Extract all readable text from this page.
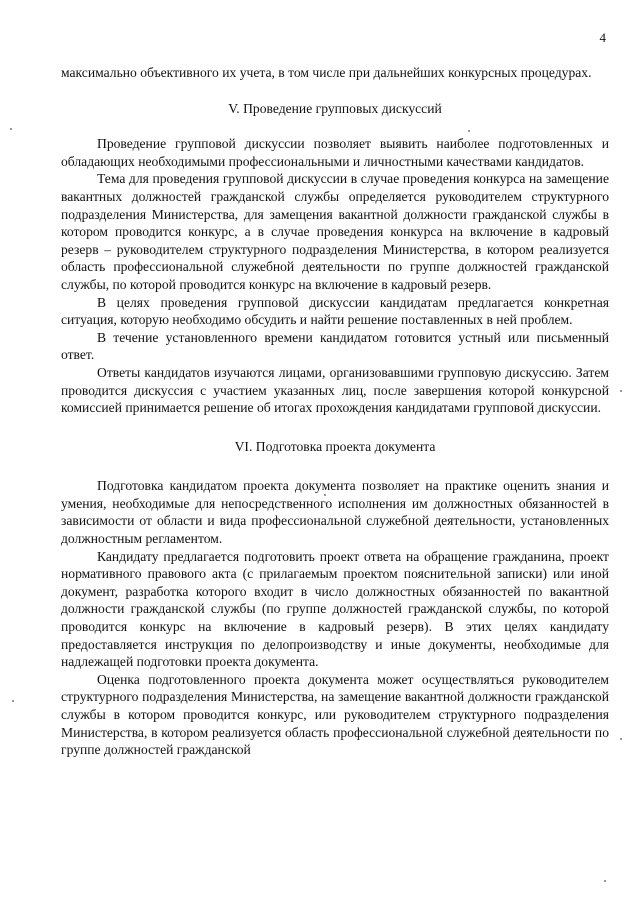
4

максимально объективного их учета, в том числе при дальнейших конкурсных процедурах.

V. Проведение групповых дискуссий

Проведение групповой дискуссии позволяет выявить наиболее подготовленных и обладающих необходимыми профессиональными и личностными качествами кандидатов.

Тема для проведения групповой дискуссии в случае проведения конкурса на замещение вакантных должностей гражданской службы определяется руководителем структурного подразделения Министерства, для замещения вакантной должности гражданской службы в котором проводится конкурс, а в случае проведения конкурса на включение в кадровый резерв – руководителем структурного подразделения Министерства, в котором реализуется область профессиональной служебной деятельности по группе должностей гражданской службы, по которой проводится конкурс на включение в кадровый резерв.

В целях проведения групповой дискуссии кандидатам предлагается конкретная ситуация, которую необходимо обсудить и найти решение поставленных в ней проблем.

В течение установленного времени кандидатом готовится устный или письменный ответ.

Ответы кандидатов изучаются лицами, организовавшими групповую дискуссию. Затем проводится дискуссия с участием указанных лиц, после завершения которой конкурсной комиссией принимается решение об итогах прохождения кандидатами групповой дискуссии.

VI. Подготовка проекта документа

Подготовка кандидатом проекта документа позволяет на практике оценить знания и умения, необходимые для непосредственного исполнения им должностных обязанностей в зависимости от области и вида профессиональной служебной деятельности, установленных должностным регламентом.

Кандидату предлагается подготовить проект ответа на обращение гражданина, проект нормативного правового акта (с прилагаемым проектом пояснительной записки) или иной документ, разработка которого входит в число должностных обязанностей по вакантной должности гражданской службы (по группе должностей гражданской службы, по которой проводится конкурс на включение в кадровый резерв). В этих целях кандидату предоставляется инструкция по делопроизводству и иные документы, необходимые для надлежащей подготовки проекта документа.

Оценка подготовленного проекта документа может осуществляться руководителем структурного подразделения Министерства, на замещение вакантной должности гражданской службы в котором проводится конкурс, или руководителем структурного подразделения Министерства, в котором реализуется область профессиональной служебной деятельности по группе должностей гражданской
